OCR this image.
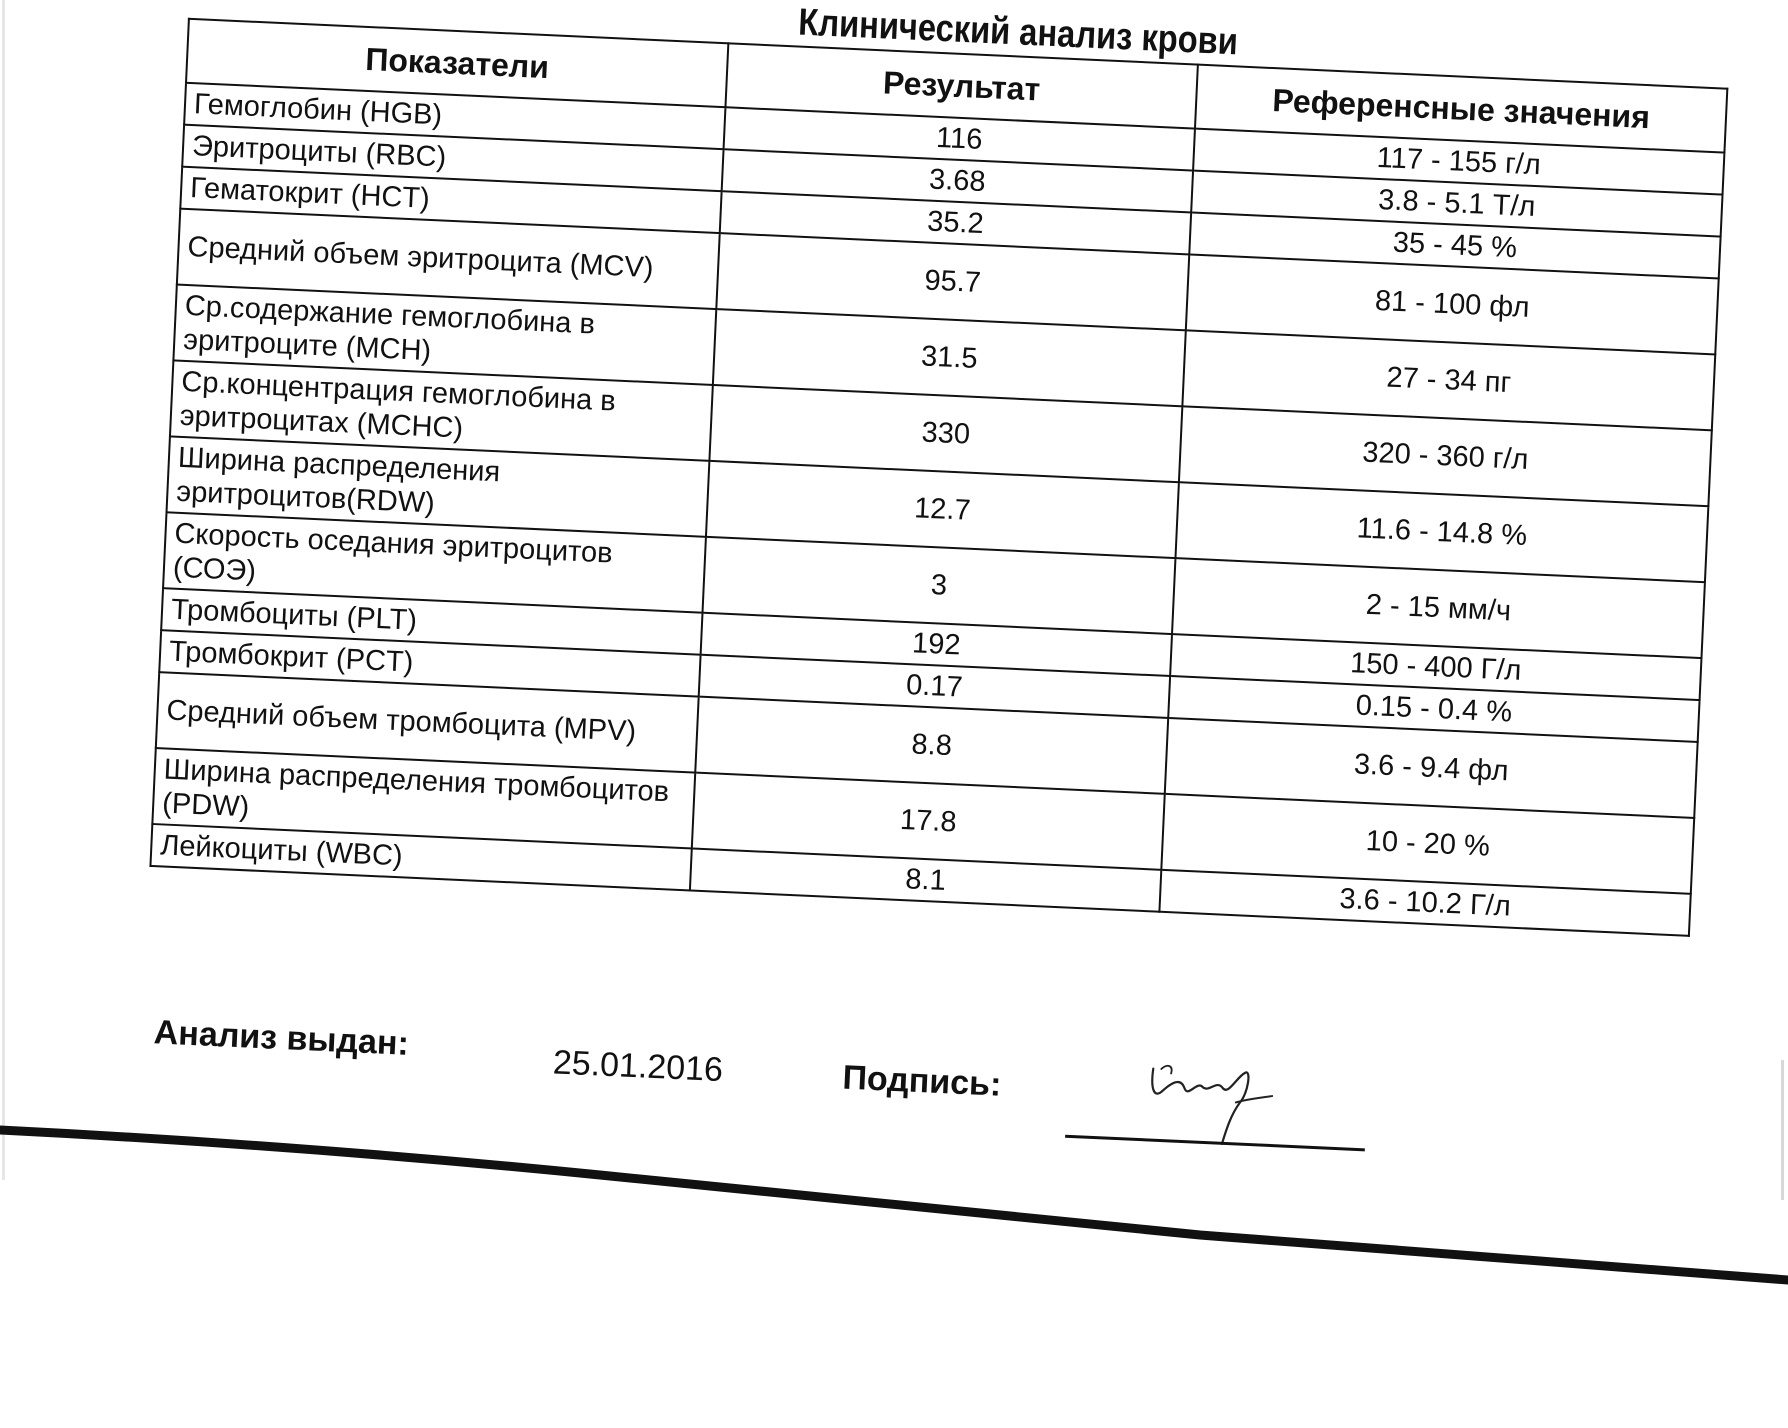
Клинический анализ крови
Показатели	Результат	Референсные значения
Гемоглобин (HGB)	116	117 - 155 г/л
Эритроциты (RBC)	3.68	3.8 - 5.1 Т/л
Гематокрит (HCT)	35.2	35 - 45 %
Средний объем эритроцита (MCV)	95.7	81 - 100 фл
Ср.содержание гемоглобина в эритроците (MCH)	31.5	27 - 34 пг
Ср.концентрация гемоглобина в эритроцитах (MCHC)	330	320 - 360 г/л
Ширина распределения эритроцитов(RDW)	12.7	11.6 - 14.8 %
Скорость оседания эритроцитов (СОЭ)	3	2 - 15 мм/ч
Тромбоциты (PLT)	192	150 - 400 Г/л
Тромбокрит (PCT)	0.17	0.15 - 0.4 %
Средний объем тромбоцита (MPV)	8.8	3.6 - 9.4 фл
Ширина распределения тромбоцитов (PDW)	17.8	10 - 20 %
Лейкоциты (WBC)	8.1	3.6 - 10.2 Г/л
Анализ выдан:
25.01.2016	Подпись:
